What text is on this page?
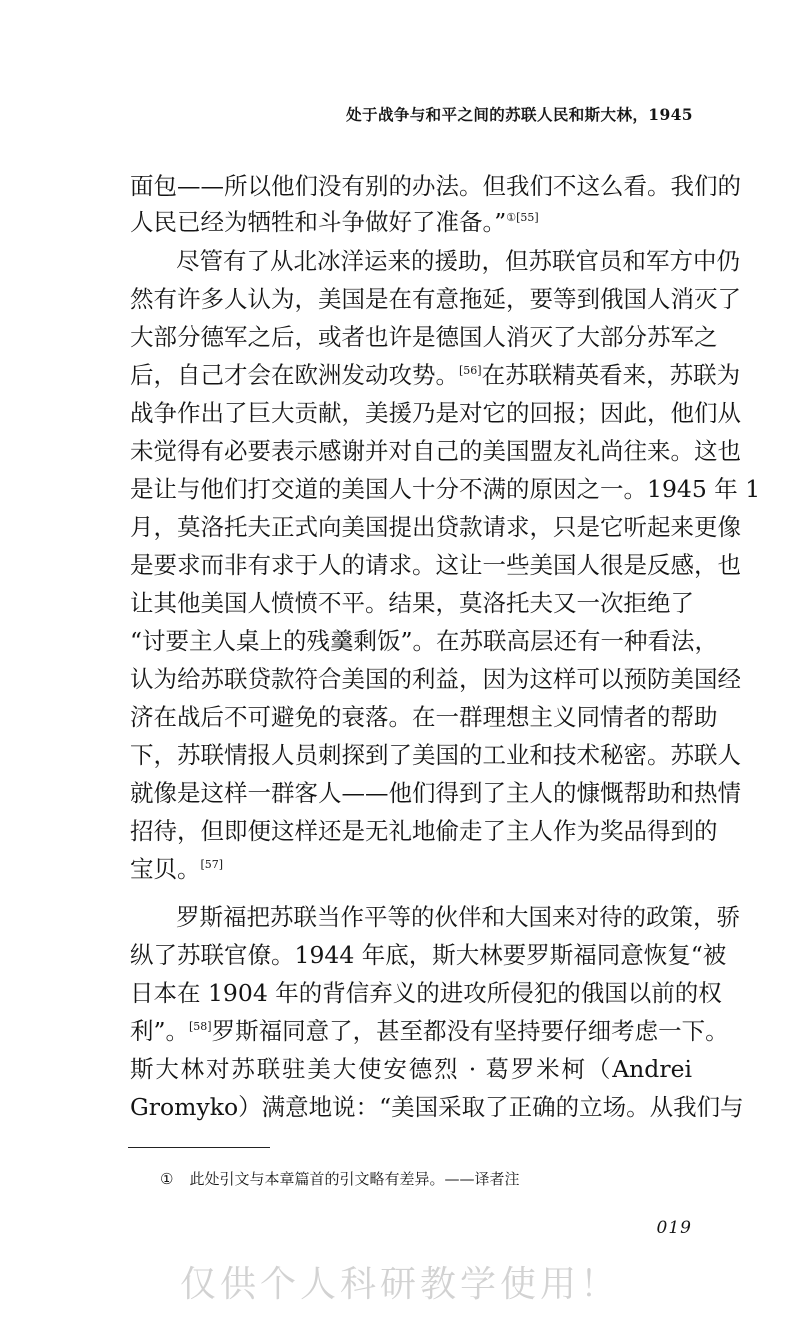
处于战争与和平之间的苏联人民和斯大林，1945
面包——所以他们没有别的办法。但我们不这么看。我们的
人民已经为牺牲和斗争做好了准备。”$^{①[55]}$
尽管有了从北冰洋运来的援助，但苏联官员和军方中仍
然有许多人认为，美国是在有意拖延，要等到俄国人消灭了
大部分德军之后，或者也许是德国人消灭了大部分苏军之
后，自己才会在欧洲发动攻势。[56]在苏联精英看来，苏联为
战争作出了巨大贡献，美援乃是对它的回报；因此，他们从
未觉得有必要表示感谢并对自己的美国盟友礼尚往来。这也
是让与他们打交道的美国人十分不满的原因之一。1945 年 1
月，莫洛托夫正式向美国提出贷款请求，只是它听起来更像
是要求而非有求于人的请求。这让一些美国人很是反感，也
让其他美国人愤愤不平。结果，莫洛托夫又一次拒绝了
“讨要主人桌上的残羹剩饭”。在苏联高层还有一种看法，
认为给苏联贷款符合美国的利益，因为这样可以预防美国经
济在战后不可避免的衰落。在一群理想主义同情者的帮助
下，苏联情报人员刺探到了美国的工业和技术秘密。苏联人
就像是这样一群客人——他们得到了主人的慷慨帮助和热情
招待，但即便这样还是无礼地偷走了主人作为奖品得到的
宝贝。[57]
罗斯福把苏联当作平等的伙伴和大国来对待的政策，骄
纵了苏联官僚。1944 年底，斯大林要罗斯福同意恢复“被
日本在 1904 年的背信弃义的进攻所侵犯的俄国以前的权
利”。[58]罗斯福同意了，甚至都没有坚持要仔细考虑一下。
斯大林对苏联驻美大使安德烈 · 葛罗米柯（Andrei
Gromyko）满意地说：“美国采取了正确的立场。从我们与
① 此处引文与本章篇首的引文略有差异。——译者注
019
仅供个人科研教学使用！
